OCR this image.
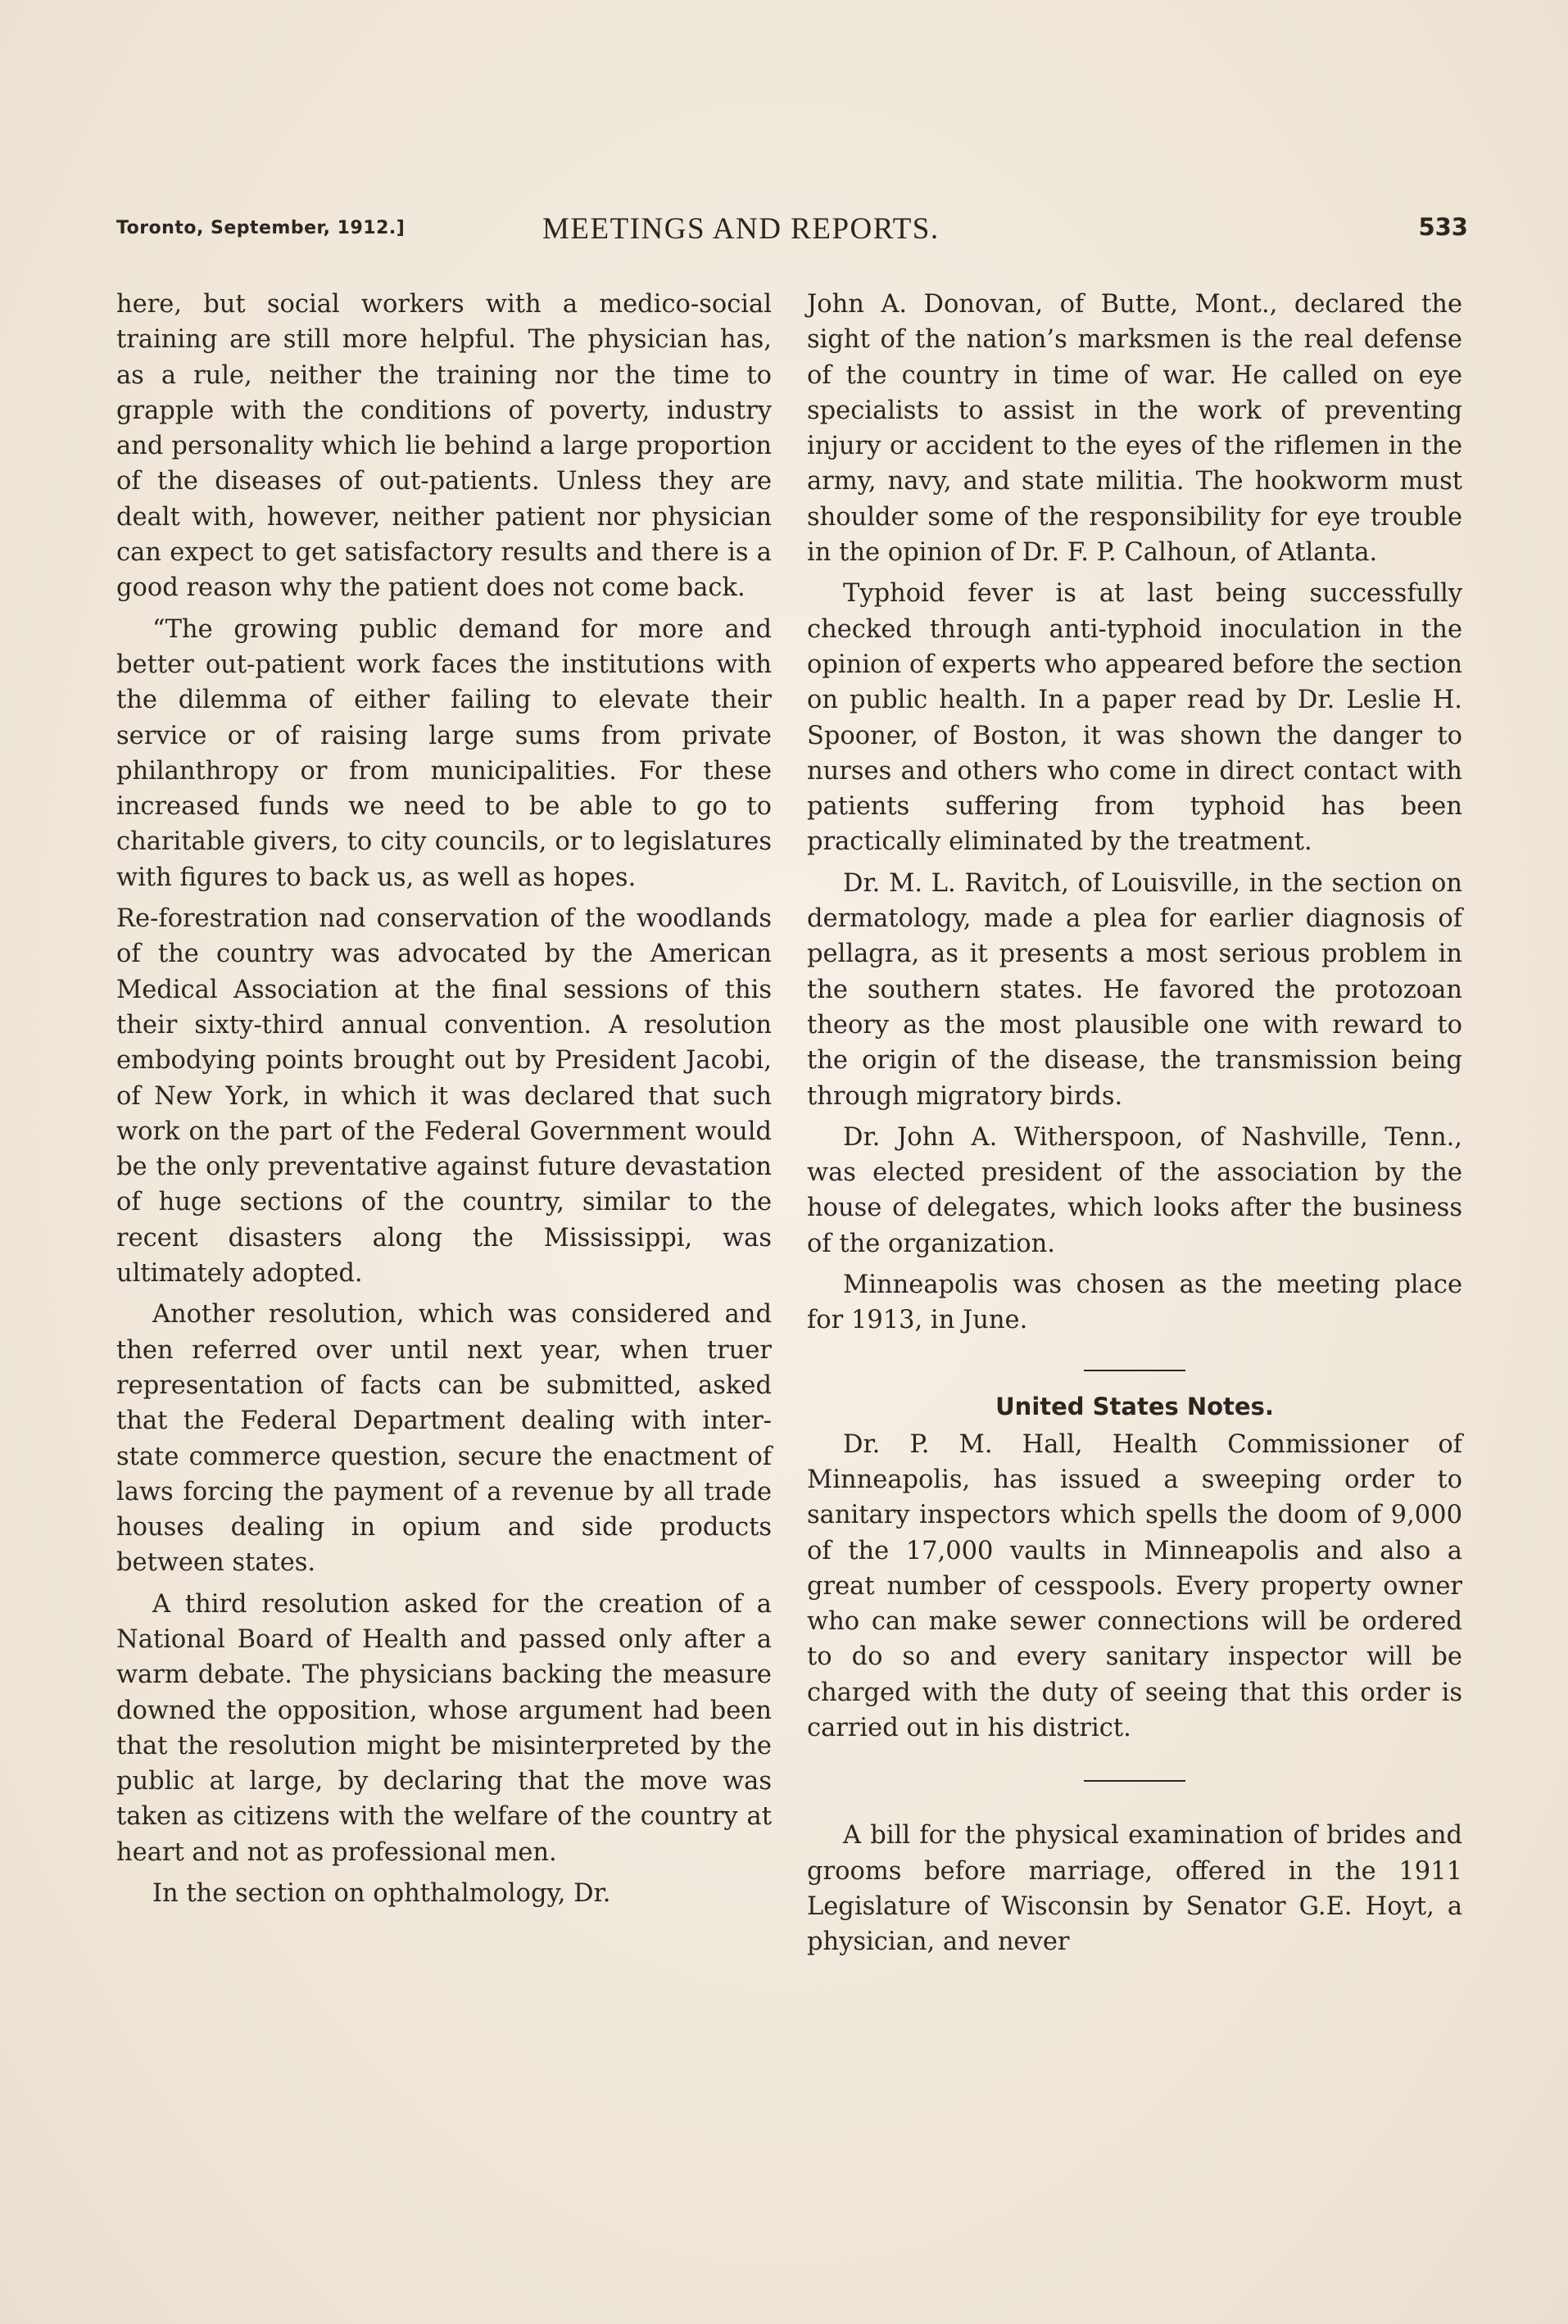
Toronto, September, 1912.]	MEETINGS AND REPORTS.	533

here, but social workers with a medico-social training are still more helpful. The physician has, as a rule, neither the training nor the time to grapple with the conditions of poverty, industry and personality which lie behind a large proportion of the diseases of out-patients. Unless they are dealt with, however, neither patient nor physician can expect to get satisfactory results and there is a good reason why the patient does not come back.

“The growing public demand for more and better out-patient work faces the institutions with the dilemma of either failing to elevate their service or of raising large sums from private philanthropy or from municipalities. For these increased funds we need to be able to go to charitable givers, to city councils, or to legislatures with figures to back us, as well as hopes.

Re-forestration nad conservation of the woodlands of the country was advocated by the American Medical Association at the final sessions of this their sixty-third annual convention. A resolution embodying points brought out by President Jacobi, of New York, in which it was declared that such work on the part of the Federal Government would be the only preventative against future devastation of huge sections of the country, similar to the recent disasters along the Mississippi, was ultimately adopted.

Another resolution, which was considered and then referred over until next year, when truer representation of facts can be submitted, asked that the Federal Department dealing with inter-state commerce question, secure the enactment of laws forcing the payment of a revenue by all trade houses dealing in opium and side products between states.

A third resolution asked for the creation of a National Board of Health and passed only after a warm debate. The physicians backing the measure downed the opposition, whose argument had been that the resolution might be misinterpreted by the public at large, by declaring that the move was taken as citizens with the welfare of the country at heart and not as professional men.

In the section on ophthalmology, Dr.

John A. Donovan, of Butte, Mont., declared the sight of the nation’s marksmen is the real defense of the country in time of war. He called on eye specialists to assist in the work of preventing injury or accident to the eyes of the riflemen in the army, navy, and state militia. The hookworm must shoulder some of the responsibility for eye trouble in the opinion of Dr. F. P. Calhoun, of Atlanta.

Typhoid fever is at last being successfully checked through anti-typhoid inoculation in the opinion of experts who appeared before the section on public health. In a paper read by Dr. Leslie H. Spooner, of Boston, it was shown the danger to nurses and others who come in direct contact with patients suffering from typhoid has been practically eliminated by the treatment.

Dr. M. L. Ravitch, of Louisville, in the section on dermatology, made a plea for earlier diagnosis of pellagra, as it presents a most serious problem in the southern states. He favored the protozoan theory as the most plausible one with reward to the origin of the disease, the transmission being through migratory birds.

Dr. John A. Witherspoon, of Nashville, Tenn., was elected president of the association by the house of delegates, which looks after the business of the organization.

Minneapolis was chosen as the meeting place for 1913, in June.

United States Notes.

Dr. P. M. Hall, Health Commissioner of Minneapolis, has issued a sweeping order to sanitary inspectors which spells the doom of 9,000 of the 17,000 vaults in Minneapolis and also a great number of cesspools. Every property owner who can make sewer connections will be ordered to do so and every sanitary inspector will be charged with the duty of seeing that this order is carried out in his district.

A bill for the physical examination of brides and grooms before marriage, offered in the 1911 Legislature of Wisconsin by Senator G.E. Hoyt, a physician, and never
